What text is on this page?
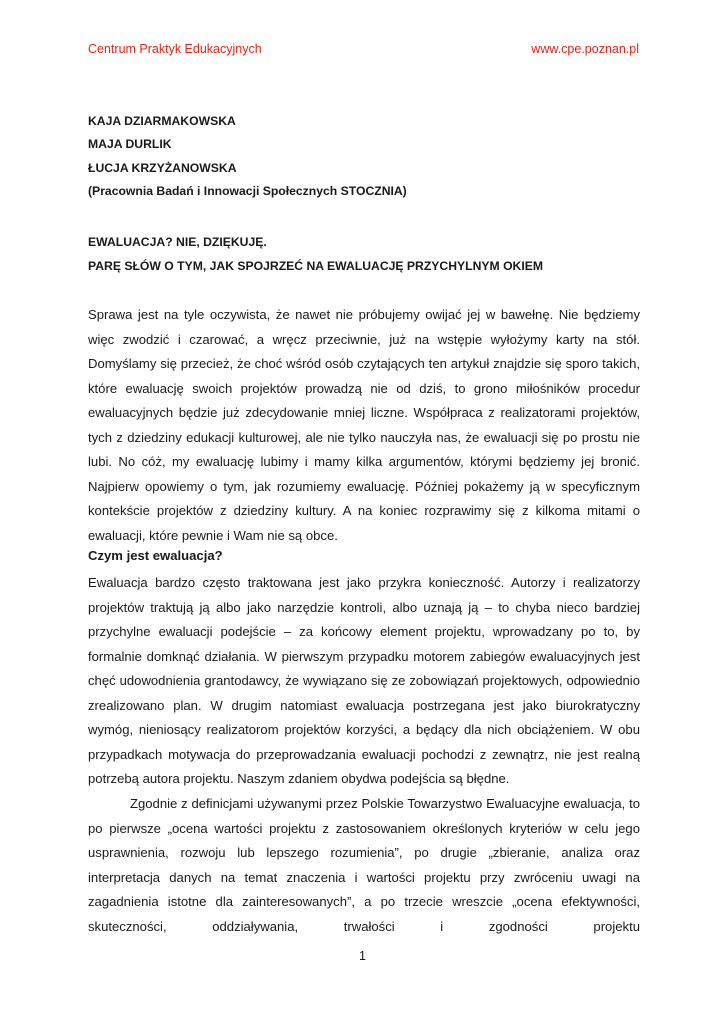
Centrum Praktyk Edukacyjnych	www.cpe.poznan.pl
KAJA DZIARMAKOWSKA
MAJA DURLIK
ŁUCJA KRZYŻANOWSKA
(Pracownia Badań i Innowacji Społecznych STOCZNIA)
EWALUACJA? NIE, DZIĘKUJĘ.
PARĘ SŁÓW O TYM, JAK SPOJRZEĆ NA EWALUACJĘ PRZYCHYLNYM OKIEM

Sprawa jest na tyle oczywista, że nawet nie próbujemy owijać jej w bawełnę. Nie będziemy więc zwodzić i czarować, a wręcz przeciwnie, już na wstępie wyłożymy karty na stół. Domyślamy się przecież, że choć wśród osób czytających ten artykuł znajdzie się sporo takich, które ewaluację swoich projektów prowadzą nie od dziś, to grono miłośników procedur ewaluacyjnych będzie już zdecydowanie mniej liczne. Współpraca z realizatorami projektów, tych z dziedziny edukacji kulturowej, ale nie tylko nauczyła nas, że ewaluacji się po prostu nie lubi. No cóż, my ewaluację lubimy i mamy kilka argumentów, którymi będziemy jej bronić. Najpierw opowiemy o tym, jak rozumiemy ewaluację. Później pokażemy ją w specyficznym kontekście projektów z dziedziny kultury. A na koniec rozprawimy się z kilkoma mitami o ewaluacji, które pewnie i Wam nie są obce.

Czym jest ewaluacja?

Ewaluacja bardzo często traktowana jest jako przykra konieczność. Autorzy i realizatorzy projektów traktują ją albo jako narzędzie kontroli, albo uznają ją – to chyba nieco bardziej przychylne ewaluacji podejście – za końcowy element projektu, wprowadzany po to, by formalnie domknąć działania. W pierwszym przypadku motorem zabiegów ewaluacyjnych jest chęć udowodnienia grantodawcy, że wywiązano się ze zobowiązań projektowych, odpowiednio zrealizowano plan. W drugim natomiast ewaluacja postrzegana jest jako biurokratyczny wymóg, nieniosący realizatorom projektów korzyści, a będący dla nich obciążeniem. W obu przypadkach motywacja do przeprowadzania ewaluacji pochodzi z zewnątrz, nie jest realną potrzebą autora projektu. Naszym zdaniem obydwa podejścia są błędne.

Zgodnie z definicjami używanymi przez Polskie Towarzystwo Ewaluacyjne ewaluacja, to po pierwsze „ocena wartości projektu z zastosowaniem określonych kryteriów w celu jego usprawnienia, rozwoju lub lepszego rozumienia”, po drugie „zbieranie, analiza oraz interpretacja danych na temat znaczenia i wartości projektu przy zwróceniu uwagi na zagadnienia istotne dla zainteresowanych”, a po trzecie wreszcie „ocena efektywności, skuteczności, oddziaływania, trwałości i zgodności projektu

1
